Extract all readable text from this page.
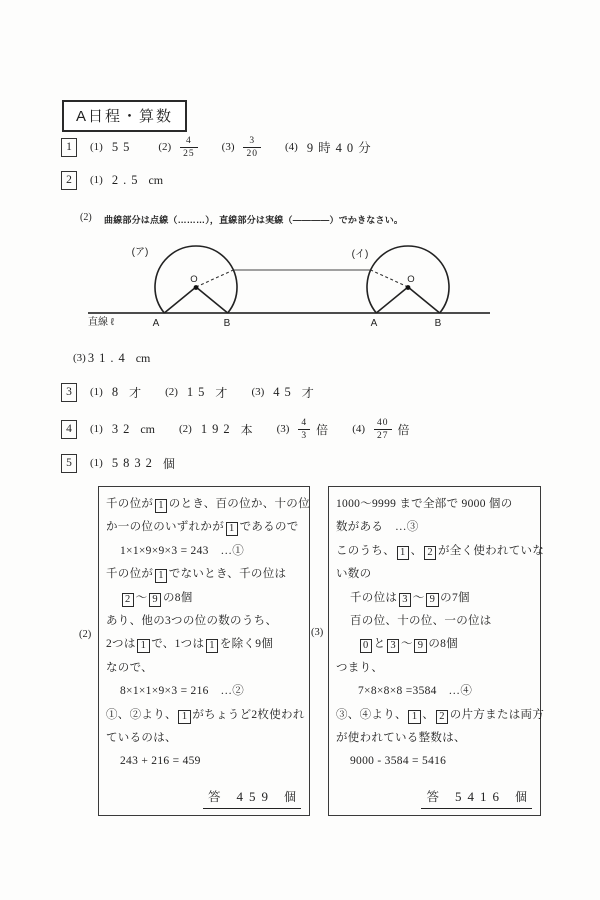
A日程・算数
1	(1) 55 $(2) \frac{4}{25} (3) \frac{3}{20} (4)$ 9時40分
2	(1) 2.5 cm
(2) 曲線部分は点線（………），直線部分は実線（――――）でかきなさい。
O
(ア)
A	B
O
(イ)
A	B
直線 ℓ
(3) 31.4 cm
3	(1) 8 才 (2) 15 才 (3) 45 才
4	(1) 32 cm (2) 192 本 $(3) \frac{4}{3}$ 倍 $(4) \frac{40}{27}$ 倍
5	(1) 5832 個
(2)
千の位が 1 のとき、百の位か、十の位
か一の位のいずれかが 1 であるので
1×1×9×9×3 = 243　…①
千の位が 1 でないとき、千の位は
2 〜 9 の8個
あり、他の3つの位の数のうち、
2つは 1 で、1つは 1 を除く9個
なので、
8×1×1×9×3 = 216　…②
①、②より、 1 がちょうど2枚使われ
ているのは、
243 + 216 = 459
答 459 個
(3)
1000〜9999 まで全部で 9000 個の
数がある　…③
このうち、 1 、 2 が全く使われていな
い数の
千の位は 3 〜 9 の7個
百の位、十の位、一の位は
0 と 3 〜 9 の8個
つまり、
7×8×8×8 =3584　…④
③、④より、 1 、 2 の片方または両方
が使われている整数は、
9000 - 3584 = 5416
答 5416 個
